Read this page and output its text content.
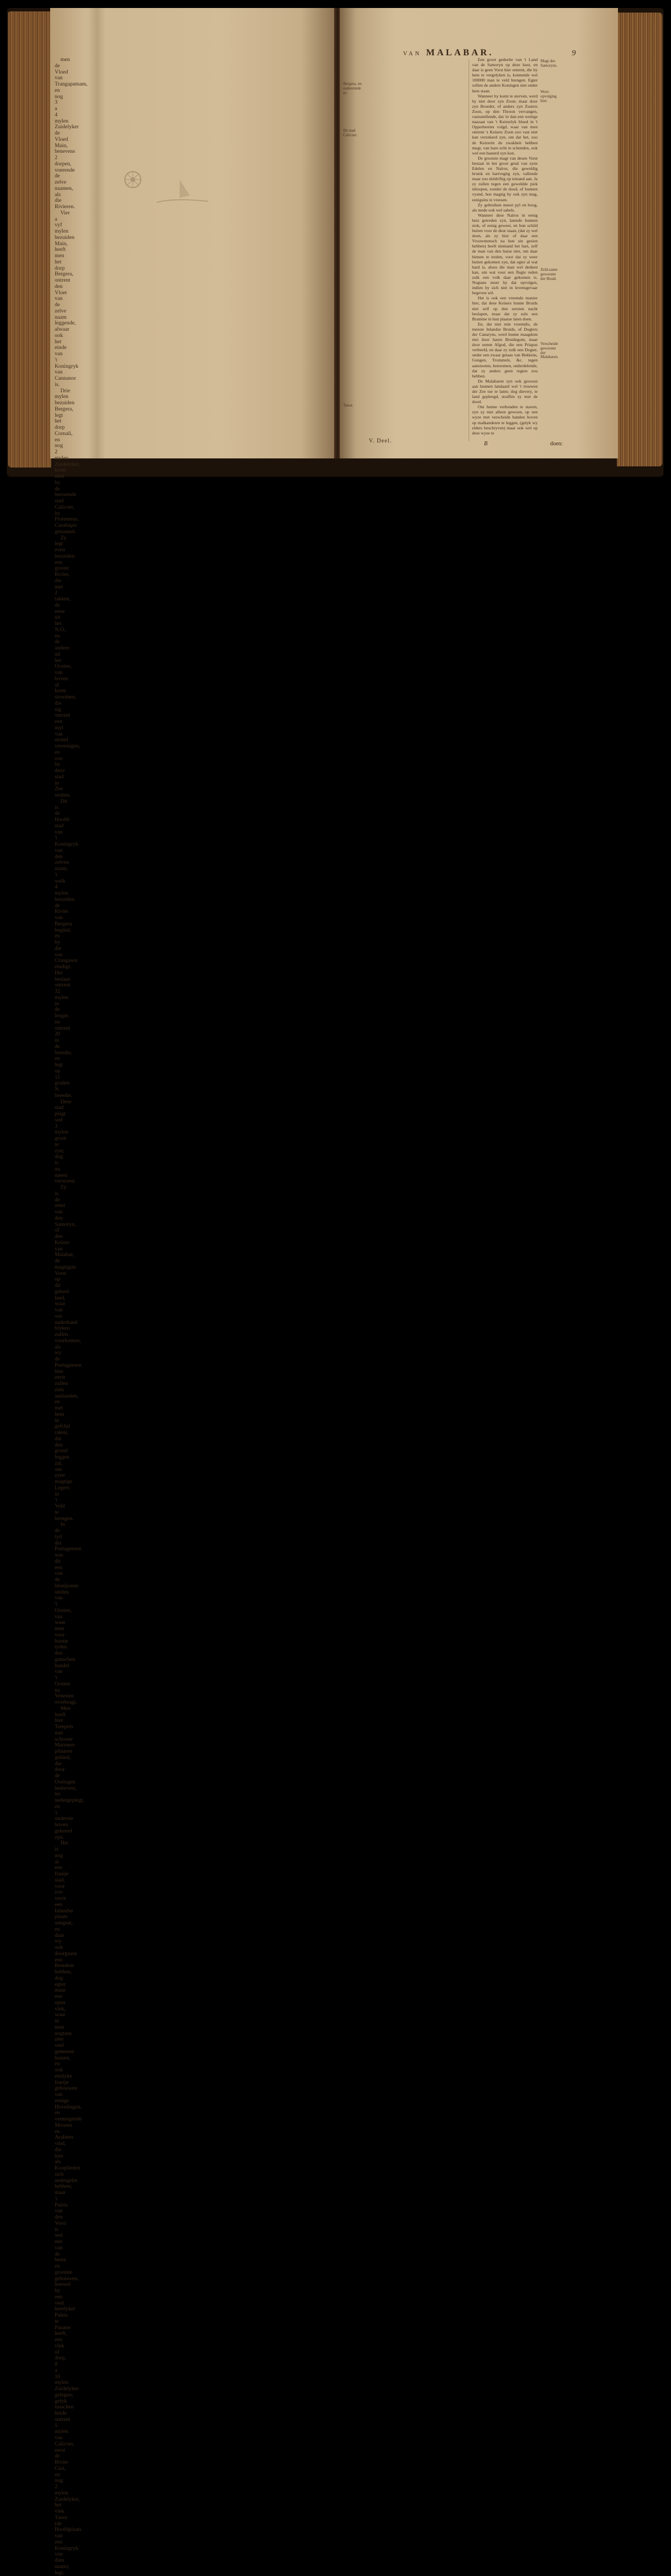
by de beroemde stad Calicoet, by Ptolemeus, Carubapis genaamd.

Zy legt even bezuiden een groote Rivier, die met 2 takken, de eene uit het N.O., en de andere uit het Oosten, van boven af komt stroomen, die sig ontrent een myl van strand vereenigen, en zoo by deze stad in Zee stotten.

Dit is de Hoofd-stad van 't Koningryk van den zelven naam, 't welk 4 mylen bezuiden de Rivier van Bergera begind, en by die van Cranganor eindigt. Het beslaat ontrent 32 mylen in de lengte, en ontrent 20 in de breedte, en legt op 11 graden N. breedte.

Dese stad plagt wel 3 mylen groot te zyn; dog is nu meest verwoest.

Zy is de zetel van den Samoryn, of den Keizer van Malabar, de magtigste Vorst op dit geheel land, waar van ons naderhand blyken zullen voorkomen, als wy de Portugeesen hier eerst zullen zien aanlanden, en met hem in gefchil raken, dat den grond leggen zal, om zyne magtige Legers in 't Veld te brengen.

In de tyd der Portugeesen was dit een van de bloeijenste steden van 't Oosten, van waar men voor hunne tyden den ganschen handel van 't Oosten na Venetien overbragt.

Men heeft hier Tempels met schoone Marmere pilaaren gebied, die door de Oorlogen bedorven, ter nedergeplegt, en 't onderste boven gekeerd zyn.

Het is nog al een fraaije stad, voor zoo verre een Inlandse plaats aangaat, en daar wy ook doorgaans een Resident hebben, dog egter maar een open vlek, waar in men nogtans zeer veel gemeene huisen, en ook ettelyke fraeije gebouwen van eenige Hovelingen, en vermogende Mooren en Arabiers vind, die hier als Kooplieden sich nedergelet hebben; maar 't Paleis van den Vorst is wel een van de beste en grootste gebouwen, hoewel hy een veel heerlyker Paleis te Panane heeft, een vlek of dorp, 8 a 10 mylen Zuidelyker gelegen; gelyk tusschen beide ontrent 5 mylen van Calicoet, eerst de Rivier Curi, en nog 2 mylen Zuidelyker, het vlek Tanor (de Hoofdplaats van een Koningryk van dien naam) legt.

Bergera, en ondereinde er-
De stad Calicoet.
Tanor.
V. Deel.
VAN MALABAR.	9

Een groot gedeelte van 't Land van de Samoryn op deze kust, en daar is geen Vorst hier ontrent, die by hem te vergelyken is, konnende wel 100000 man te veld brengen. Egter willen de andere Koningen niet onder hem staan.

Wanneer hy komt te sterven, werd hy niet door zyn Zoon; maar door zyn Broeder, of anders zyn Zusters Zoon, op den Throon vervangen, vastsstellende, dat 'er dan een wettige naazaat van 't Keizerlyk bloed in 't Opperbestier volgd, waar van men ontrent 's Keisers Zoon zoo vast niet kan verzekerd zyn, om dat het, zoo de Keizerin de zwakheit hebben megt, van hare echt te schenden, ook wel een basterd zyn kon.

De grootste magt van desen Vorst bestaat in het groot getal van zyne Edelen en Naïros, die geweldig bruisk en hartvegtig zyn, vallende maar zoo doldriftig op iemand aan. Ja zy zullen tegen een geweldde piek inloopen, zonder de dood, of hunnen vyand, hoe magtig hy ook zyn mag, eenigsins te vreesen.

Zy gebruiken meest pyl en boog, als mede ook wel sabels.

Wanneer dese Naïros in eenig huis getreden zyn, latende hunnen stok, of eenig geweer, en hun schild buiten voor de deur staan, (dat zy wel doen, als zy hier of daar een Vrouwmensch na hun sin gesien hebben) heeft niemand het hart, zelf de man van den huise niet, om daar binnen te treden, voor dat zy weer buiten gekomen zyn, dat egter al wat hard is, alsoo die man wel denken kan, om wat voor een flegte reden zulk een volk daar gekomen is. Nogtans moet hy dat opvolgen, indien hy sich niet in levensgevaar begeven wil.

Het is ook een vreemde manier hier, dat dese Keisers hunne Bruids niet zelf op den eersten nacht beslapen, maar dat zy sulx een Bramine in hun plaatse laten doen.

En, dat niet min vreemdis, de meeste Inlandse Bruids, of Dogters der Canaryns, werd hunne maagdom niet door haren Bruidegom, maar door eenen Afgod, die een Priapus verbeeld, en daar zy zulk een Dogter, onder een zwaar getaas van Bekkens, Gongen, Trommels, &c. tegen aanstooten, benoomen, onderdelende, dat zy anders geen regten zou hebben.

De Malabaren zyn ook gewoon aan hunnen landaard wel 't trouwen der Zee toe te laten; dog dievery, te land gepleegd, straffen zy met de dood.

Om hunne verbonden te staven, zyn zy niet alleen gewoon, op een wyze met verscheide handen boven op malkanderen te leggen, (gelyk wy elders beschryven) maar ook wel op dese wyze te

Magt des Samoryns.
Wort-opvolging hier.
Zeld-zame gewoonte der Bruid.
Verscheide gewoonte der Malabaren.
B	doen:
